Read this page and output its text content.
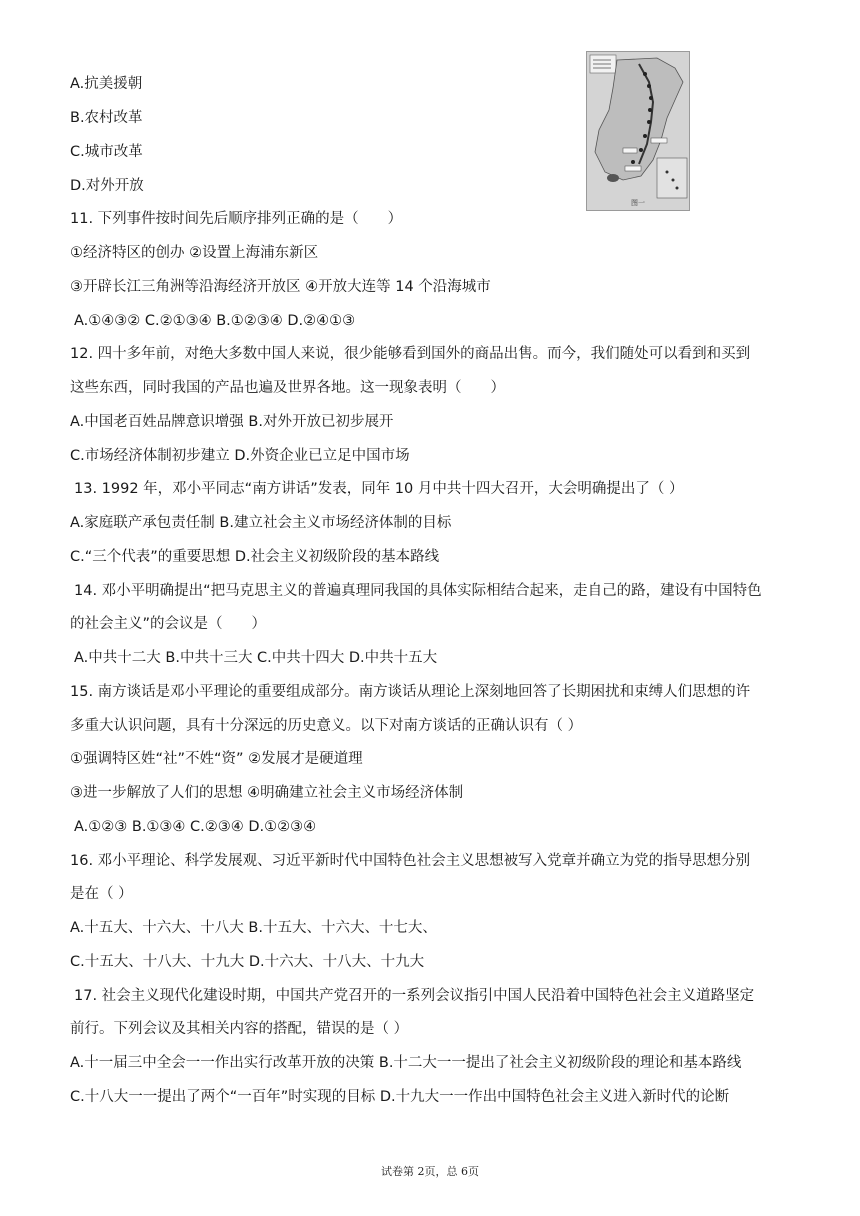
图一
A.抗美援朝
B.农村改革
C.城市改革
D.对外开放
11. 下列事件按时间先后顺序排列正确的是（　　）
①经济特区的创办 ②设置上海浦东新区
③开辟长江三角洲等沿海经济开放区 ④开放大连等 14 个沿海城市
A.①④③② C.②①③④ B.①②③④ D.②④①③
12. 四十多年前，对绝大多数中国人来说，很少能够看到国外的商品出售。而今，我们随处可以看到和买到
这些东西，同时我国的产品也遍及世界各地。这一现象表明（　　）
A.中国老百姓品牌意识增强 B.对外开放已初步展开
C.市场经济体制初步建立 D.外资企业已立足中国市场
13. 1992 年，邓小平同志“南方讲话”发表，同年 10 月中共十四大召开，大会明确提出了（ ）
A.家庭联产承包责任制 B.建立社会主义市场经济体制的目标
C.“三个代表”的重要思想 D.社会主义初级阶段的基本路线
14. 邓小平明确提出“把马克思主义的普遍真理同我国的具体实际相结合起来，走自己的路，建设有中国特色
的社会主义”的会议是（　　）
A.中共十二大 B.中共十三大 C.中共十四大 D.中共十五大
15. 南方谈话是邓小平理论的重要组成部分。南方谈话从理论上深刻地回答了长期困扰和束缚人们思想的许
多重大认识问题，具有十分深远的历史意义。以下对南方谈话的正确认识有（ ）
①强调特区姓“社”不姓“资” ②发展才是硬道理
③进一步解放了人们的思想 ④明确建立社会主义市场经济体制
A.①②③ B.①③④ C.②③④ D.①②③④
16. 邓小平理论、科学发展观、习近平新时代中国特色社会主义思想被写入党章并确立为党的指导思想分别
是在（ ）
A.十五大、十六大、十八大 B.十五大、十六大、十七大、
C.十五大、十八大、十九大 D.十六大、十八大、十九大
17. 社会主义现代化建设时期，中国共产党召开的一系列会议指引中国人民沿着中国特色社会主义道路坚定
前行。下列会议及其相关内容的搭配，错误的是（ ）
A.十一届三中全会一一作出实行改革开放的决策 B.十二大一一提出了社会主义初级阶段的理论和基本路线
C.十八大一一提出了两个“一百年”时实现的目标 D.十九大一一作出中国特色社会主义进入新时代的论断
试卷第 2页，总 6页
